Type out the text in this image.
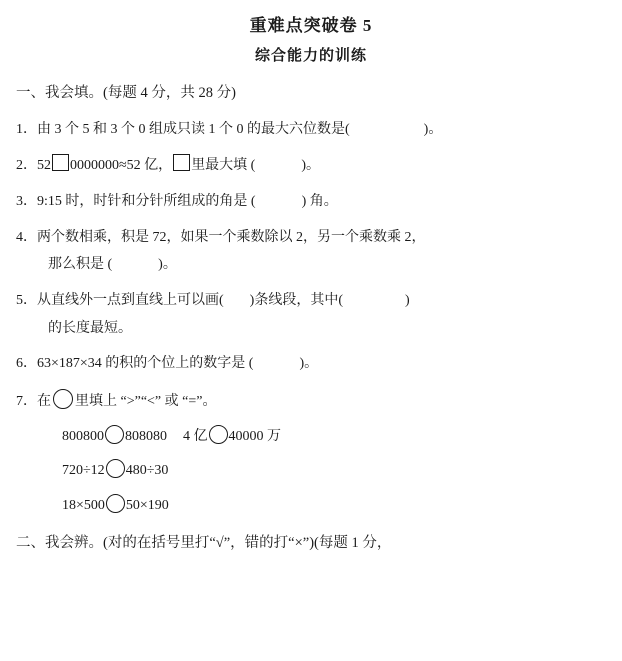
重难点突破卷 5
综合能力的训练
一、我会填。(每题 4 分，共 28 分)
1．由 3 个 5 和 3 个 0 组成只读 1 个 0 的最大六位数是(	)。
2．52 0000000≈52 亿， 里最大填 (	)。
3．9:15 时，时针和分针所组成的角是 (	) 角。
4．两个数相乘，积是 72，如果一个乘数除以 2，另一个乘数乘 2，
那么积是 (	)。
5．从直线外一点到直线上可以画( )条线段，其中(	)
的长度最短。
6．63×187×34 的积的个位上的数字是 (	)。
7．在 里填上 “>”“<” 或 “=”。
800800 808080 4 亿 40000 万
720÷12 480÷30
18×500 50×190
二、我会辨。(对的在括号里打“√”，错的打“×”)(每题 1 分，
